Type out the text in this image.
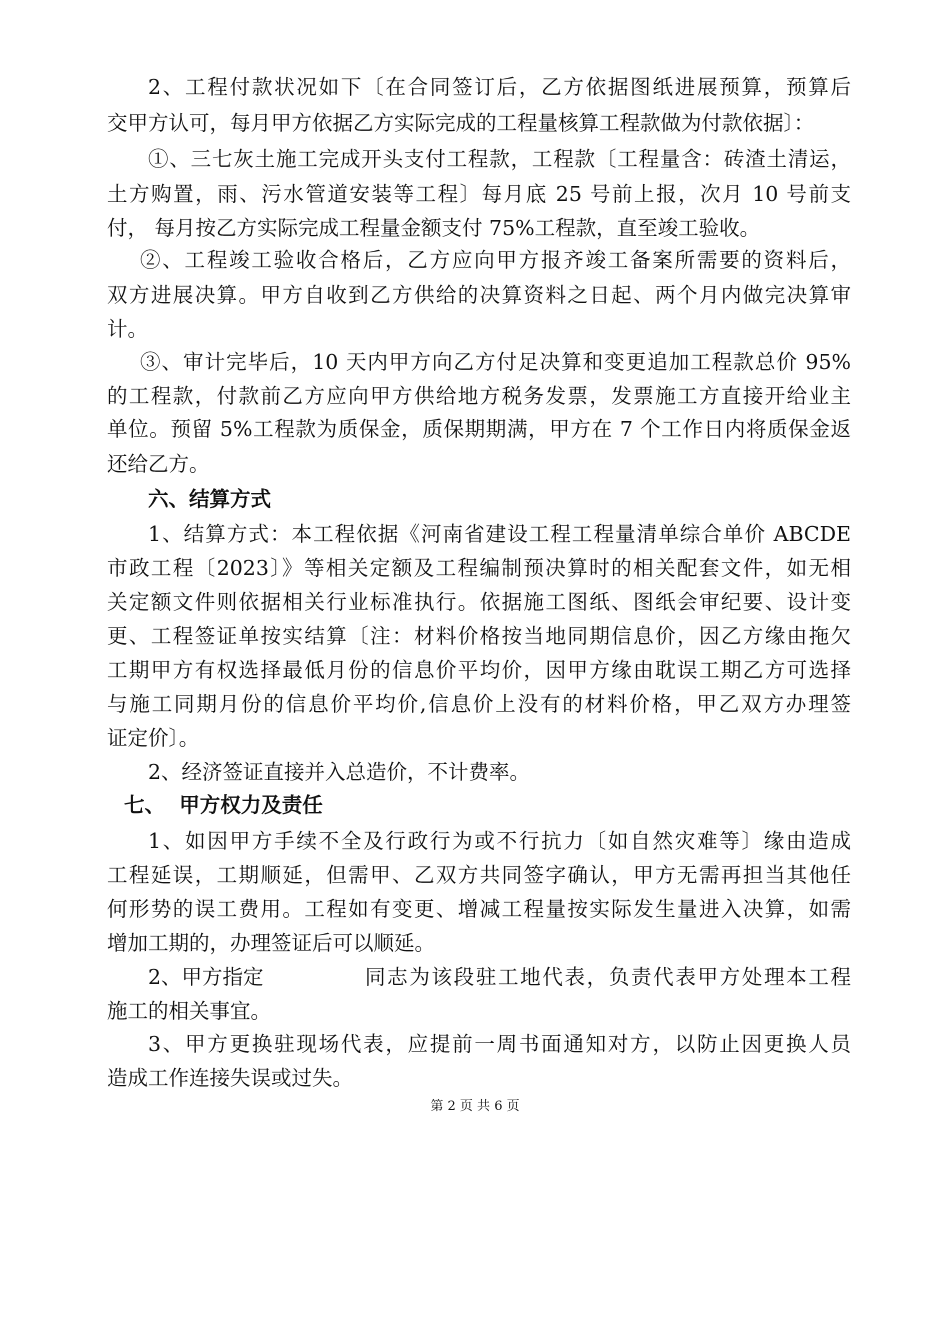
2、工程付款状况如下〔在合同签订后，乙方依据图纸进展预算，预算后

交甲方认可，每月甲方依据乙方实际完成的工程量核算工程款做为付款依据〕：

①、三七灰土施工完成开头支付工程款，工程款〔工程量含：砖渣土清运，

土方购置，雨、污水管道安装等工程〕每月底 25 号前上报，次月 10 号前支

付， 每月按乙方实际完成工程量金额支付 75%工程款，直至竣工验收。

②、工程竣工验收合格后，乙方应向甲方报齐竣工备案所需要的资料后，

双方进展决算。甲方自收到乙方供给的决算资料之日起、两个月内做完决算审

计。

③、审计完毕后，10 天内甲方向乙方付足决算和变更追加工程款总价 95%

的工程款，付款前乙方应向甲方供给地方税务发票，发票施工方直接开给业主

单位。预留 5%工程款为质保金，质保期期满，甲方在 7 个工作日内将质保金返

还给乙方。

六、结算方式

1、结算方式：本工程依据《河南省建设工程工程量清单综合单价 ABCDE

市政工程〔2023〕》等相关定额及工程编制预决算时的相关配套文件，如无相

关定额文件则依据相关行业标准执行。依据施工图纸、图纸会审纪要、设计变

更、工程签证单按实结算〔注：材料价格按当地同期信息价，因乙方缘由拖欠

工期甲方有权选择最低月份的信息价平均价，因甲方缘由耽误工期乙方可选择

与施工同期月份的信息价平均价,信息价上没有的材料价格，甲乙双方办理签

证定价〕。

2、经济签证直接并入总造价，不计费率。

七、  甲方权力及责任

1、如因甲方手续不全及行政行为或不行抗力〔如自然灾难等〕缘由造成

工程延误，工期顺延，但需甲、乙双方共同签字确认，甲方无需再担当其他任

何形势的误工费用。工程如有变更、增减工程量按实际发生量进入决算，如需

增加工期的，办理签证后可以顺延。

2、甲方指定	同志为该段驻工地代表，负责代表甲方处理本工程

施工的相关事宜。

3、甲方更换驻现场代表，应提前一周书面通知对方，以防止因更换人员

造成工作连接失误或过失。

第 2 页 共 6 页
